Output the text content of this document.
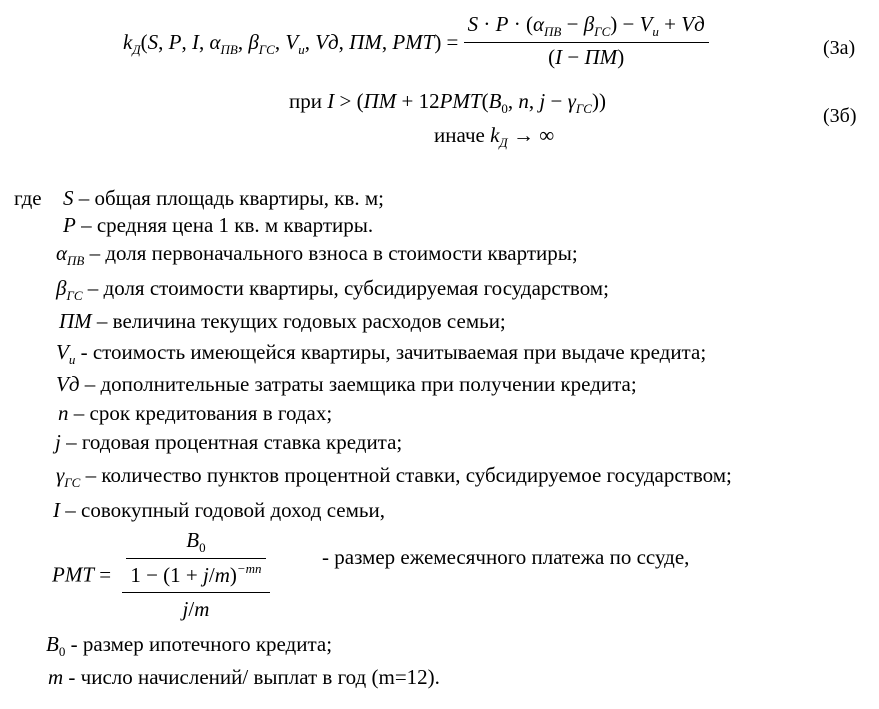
$k_Д(S$, P, I, $\alpha_{ПВ}$, $\beta_{ГС}$, $V_и$, Vд, ПМ, $PMT) = \frac{S \cdot P \cdot (\alpha_{ПВ} - \beta_{ГС}) - V_и + Vд}{(I - ПМ)}$	(3а)
при $I > (ПМ + 12PMT(B_0$, n, $j - \gamma_{ГС}$))
(3б)
иначе $k_Д$ → ∞
где S – общая площадь квартиры, кв. м;
P – средняя цена 1 кв. м квартиры.
$\alpha_{ПВ}$ – доля первоначального взноса в стоимости квартиры;
$\beta_{ГС}$ – доля стоимости квартиры, субсидируемая государством;
ПМ – величина текущих годовых расходов семьи;
$V_и$ - стоимость имеющейся квартиры, зачитываемая при выдаче кредита;
Vд – дополнительные затраты заемщика при получении кредита;
n – срок кредитования в годах;
j – годовая процентная ставка кредита;
$\gamma_{ГС}$ – количество пунктов процентной ставки, субсидируемое государством;
I – совокупный годовой доход семьи,
PMT = $\frac{\frac{B_0}{1 - (1 + j/m)^{-mn}}}{j/m}$ - размер ежемесячного платежа по ссуде,
$B_0$ - размер ипотечного кредита;
m - число начислений/ выплат в год (m=12).
